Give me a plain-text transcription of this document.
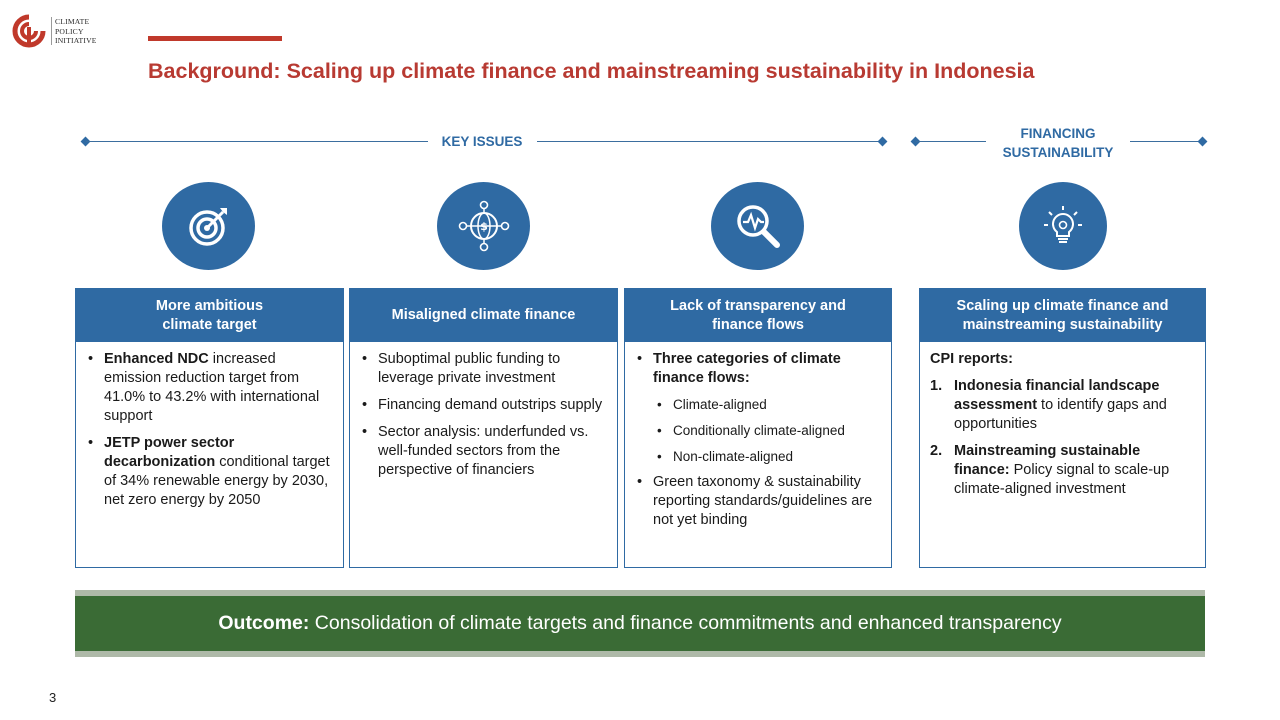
CLIMATE
POLICY
INITIATIVE
Background: Scaling up climate finance and mainstreaming sustainability in Indonesia
KEY ISSUES
FINANCING
SUSTAINABILITY
$
More ambitious
climate target
• Enhanced NDC increased emission reduction target from 41.0% to 43.2% with international support
• JETP power sector decarbonization conditional target of 34% renewable energy by 2030, net zero energy by 2050
Misaligned climate finance
• Suboptimal public funding to leverage private investment
• Financing demand outstrips supply
• Sector analysis: underfunded vs. well-funded sectors from the perspective of financiers
Lack of transparency and
finance flows
• Three categories of climate finance flows:
• Climate-aligned
• Conditionally climate-aligned
• Non-climate-aligned
• Green taxonomy & sustainability reporting standards/guidelines are not yet binding
Scaling up climate finance and
mainstreaming sustainability
CPI reports:
1. Indonesia financial landscape assessment to identify gaps and opportunities
2. Mainstreaming sustainable finance: Policy signal to scale-up climate-aligned investment
Outcome: Consolidation of climate targets and finance commitments and enhanced transparency
3
